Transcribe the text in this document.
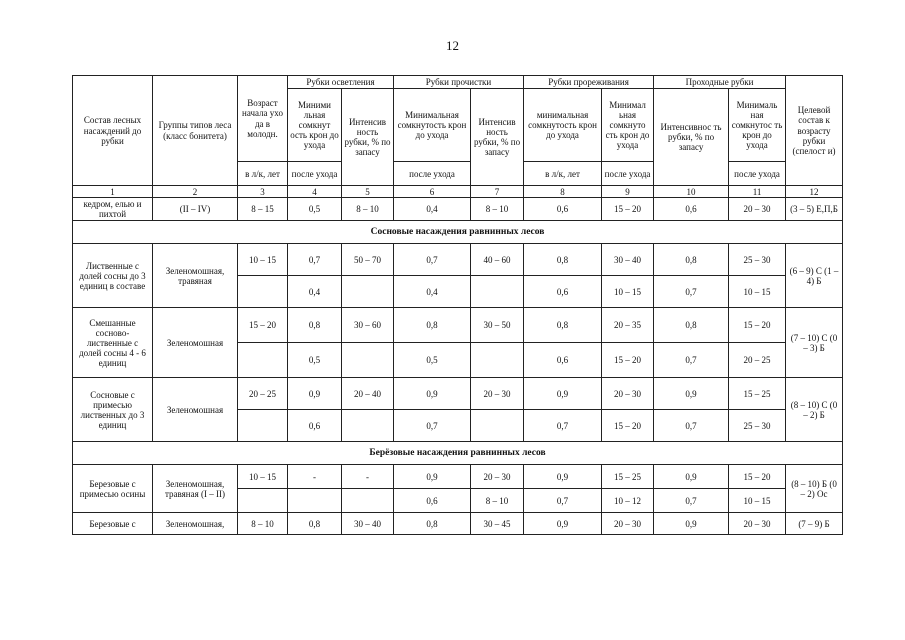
12
Состав лесных насаждений до рубки	Группы типов леса (класс бонитета)	Возраст начала ухо да в молодн.	Рубки осветления		Рубки прочистки		Рубки прореживания		Проходные рубки		Целевой состав к возрасту рубки (спелост и)
			Миними льная сомкнут ость крон до ухода	Интенсив ность рубки, % по запасу	Минимальная сомкнутость крон до ухода	Интенсив ность рубки, % по запасу	минимальная сомкнутость крон до ухода	Минимал ьная сомкнуто сть крон до ухода	Интенсивнос ть рубки, % по запасу	Минималь ная сомкнутос ть крон до ухода	
		в л/к, лет	после ухода		после ухода		в л/к, лет	после ухода		после ухода	
1	2	3	4	5	6	7	8	9	10	11	12
кедром, елью и пихтой	(II – IV)	8 – 15	0,5	8 – 10	0,4	8 – 10	0,6	15 – 20	0,6	20 – 30	(3 – 5) Е,П,Б
Сосновые насаждения равнинных лесов											
Лиственные с долей сосны до 3 единиц в составе	Зеленомошная, травяная	10 – 15	0,7	50 – 70	0,7	40 – 60	0,8	30 – 40	0,8	25 – 30	(6 – 9) С (1 – 4) Б
			0,4		0,4		0,6	10 – 15	0,7	10 – 15	
Смешанные сосново-лиственные с долей сосны 4 - 6 единиц	Зеленомошная	15 – 20	0,8	30 – 60	0,8	30 – 50	0,8	20 – 35	0,8	15 – 20	(7 – 10) С (0 – 3) Б
			0,5		0,5		0,6	15 – 20	0,7	20 – 25	
Сосновые с примесью лиственных до 3 единиц	Зеленомошная	20 – 25	0,9	20 – 40	0,9	20 – 30	0,9	20 – 30	0,9	15 – 25	(8 – 10) С (0 – 2) Б
			0,6		0,7		0,7	15 – 20	0,7	25 – 30	
Берёзовые насаждения равнинных лесов											
Березовые с примесью осины	Зеленомошная, травяная (I – II)	10 – 15	-	-	0,9	20 – 30	0,9	15 – 25	0,9	15 – 20	(8 – 10) Б (0 – 2) Ос
					0,6	8 – 10	0,7	10 – 12	0,7	10 – 15	
Березовые с	Зеленомошная,	8 – 10	0,8	30 – 40	0,8	30 – 45	0,9	20 – 30	0,9	20 – 30	(7 – 9) Б
